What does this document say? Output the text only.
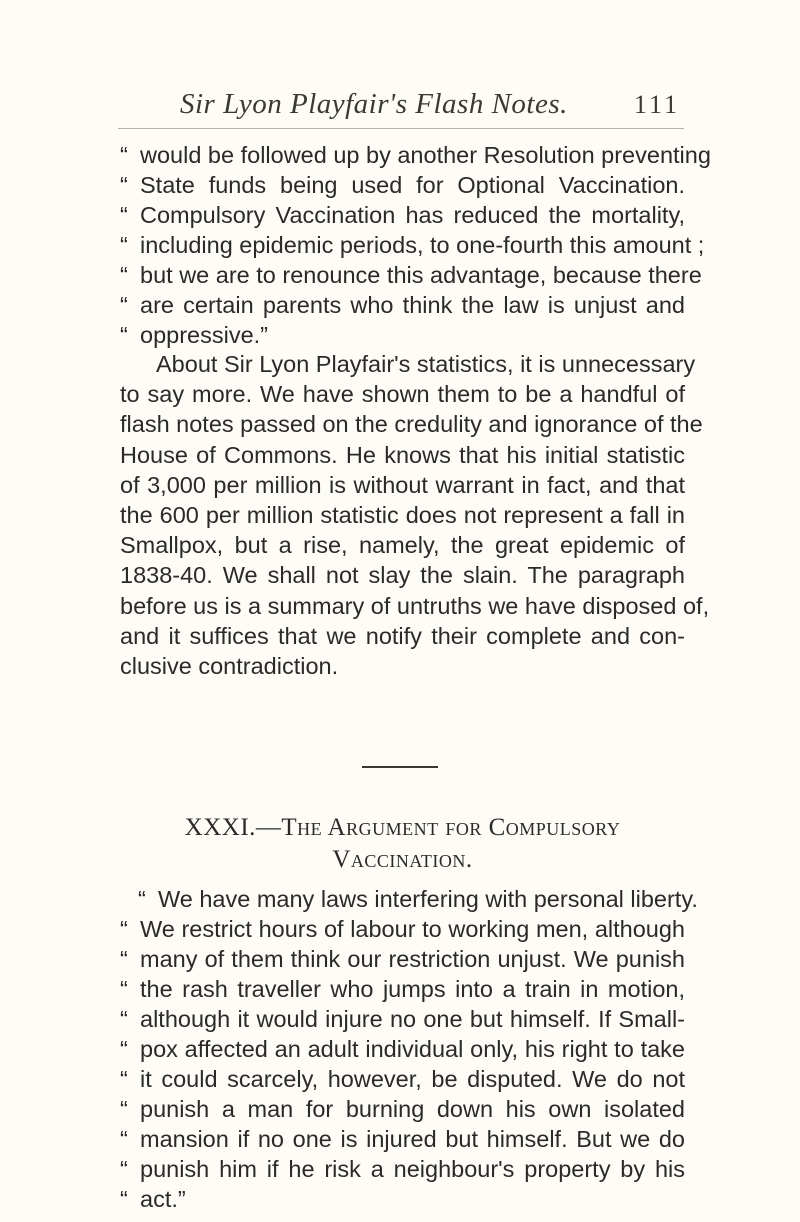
Sir Lyon Playfair's Flash Notes.	111
“ would be followed up by another Resolution preventing
“ State funds being used for Optional Vaccination.
“ Compulsory Vaccination has reduced the mortality,
“ including epidemic periods, to one-fourth this amount ;
“ but we are to renounce this advantage, because there
“ are certain parents who think the law is unjust and
“ oppressive.”
About Sir Lyon Playfair's statistics, it is unnecessary
to say more. We have shown them to be a handful of
flash notes passed on the credulity and ignorance of the
House of Commons. He knows that his initial statistic
of 3,000 per million is without warrant in fact, and that
the 600 per million statistic does not represent a fall in
Smallpox, but a rise, namely, the great epidemic of
1838-40. We shall not slay the slain. The paragraph
before us is a summary of untruths we have disposed of,
and it suffices that we notify their complete and con-
clusive contradiction.
XXXI.—The Argument for Compulsory
Vaccination.
“ We have many laws interfering with personal liberty.
“ We restrict hours of labour to working men, although
“ many of them think our restriction unjust. We punish
“ the rash traveller who jumps into a train in motion,
“ although it would injure no one but himself. If Small-
“ pox affected an adult individual only, his right to take
“ it could scarcely, however, be disputed. We do not
“ punish a man for burning down his own isolated
“ mansion if no one is injured but himself. But we do
“ punish him if he risk a neighbour's property by his
“ act.”
